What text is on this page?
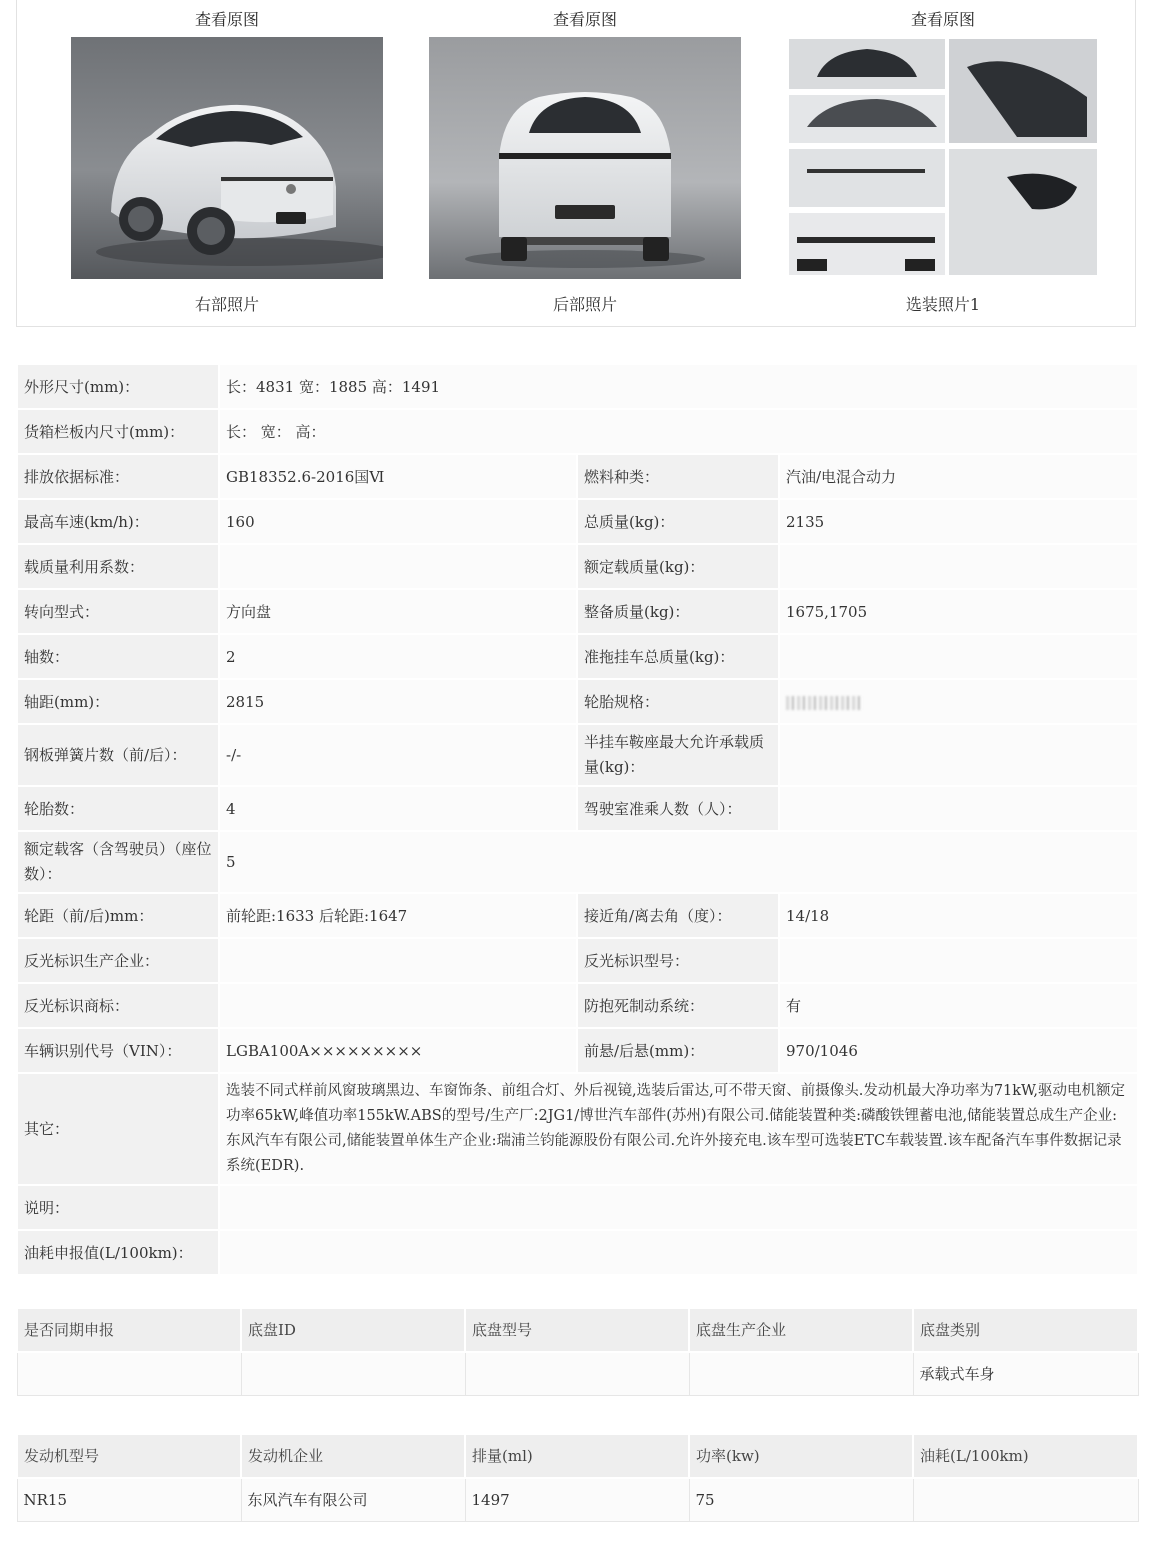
查看原图
右部照片
查看原图
后部照片
查看原图
选装照片1
外形尺寸(mm)：	长：4831 宽：1885 高：1491		
货箱栏板内尺寸(mm)：	长： 宽： 高：		
排放依据标准：	GB18352.6-2016国Ⅵ	燃料种类：	汽油/电混合动力
最高车速(km/h)：	160	总质量(kg)：	2135
载质量利用系数：		额定载质量(kg)：	
转向型式：	方向盘	整备质量(kg)：	1675,1705
轴数：	2	准拖挂车总质量(kg)：	
轴距(mm)：	2815	轮胎规格：	
钢板弹簧片数（前/后）：	-/-	半挂车鞍座最大允许承载质量(kg)：	
轮胎数：	4	驾驶室准乘人数（人）：	
额定载客（含驾驶员）（座位数）：	5		
轮距（前/后)mm：	前轮距:1633 后轮距:1647	接近角/离去角（度）：	14/18
反光标识生产企业：		反光标识型号：	
反光标识商标：		防抱死制动系统：	有
车辆识别代号（VIN）：	LGBA100A×××××××××	前悬/后悬(mm)：	970/1046
其它：	选装不同式样前风窗玻璃黑边、车窗饰条、前组合灯、外后视镜,选装后雷达,可不带天窗、前摄像头.发动机最大净功率为71kW,驱动电机额定功率65kW,峰值功率155kW.ABS的型号/生产厂:2JG1/博世汽车部件(苏州)有限公司.储能装置种类:磷酸铁锂蓄电池,储能装置总成生产企业:东风汽车有限公司,储能装置单体生产企业:瑞浦兰钧能源股份有限公司.允许外接充电.该车型可选装ETC车载装置.该车配备汽车事件数据记录系统(EDR).		
说明：			
油耗申报值(L/100km)：			
是否同期申报	底盘ID	底盘型号	底盘生产企业	底盘类别
				承载式车身
发动机型号	发动机企业	排量(ml)	功率(kw)	油耗(L/100km)
NR15	东风汽车有限公司	1497	75	
